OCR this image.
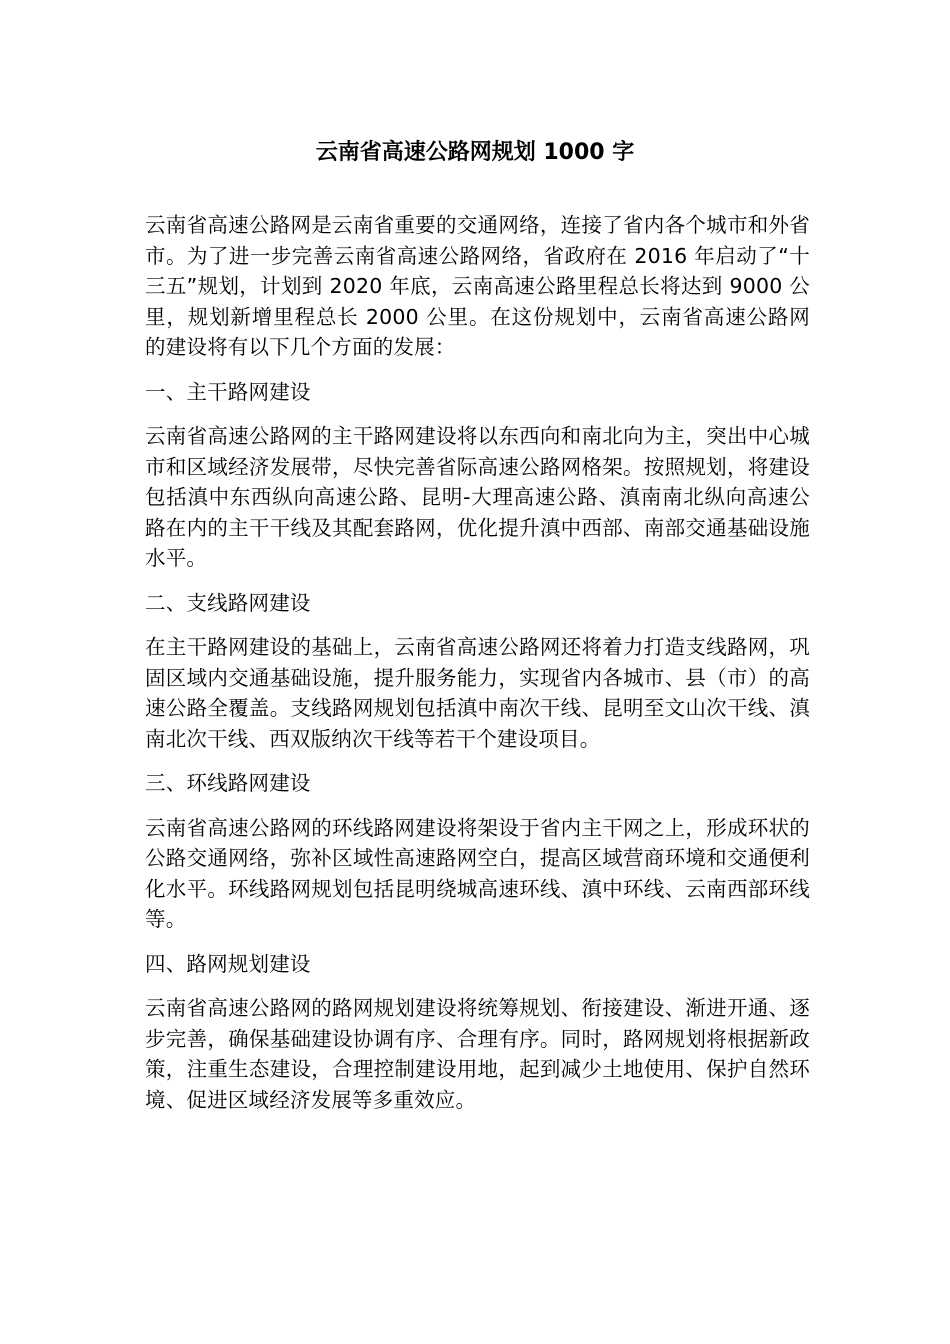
云南省高速公路网规划 1000 字

云南省高速公路网是云南省重要的交通网络，连接了省内各个城市和外省市。为了进一步完善云南省高速公路网络，省政府在 2016 年启动了“十三五”规划，计划到 2020 年底，云南高速公路里程总长将达到 9000 公里，规划新增里程总长 2000 公里。在这份规划中，云南省高速公路网的建设将有以下几个方面的发展：

一、主干路网建设

云南省高速公路网的主干路网建设将以东西向和南北向为主，突出中心城市和区域经济发展带，尽快完善省际高速公路网格架。按照规划，将建设包括滇中东西纵向高速公路、昆明-大理高速公路、滇南南北纵向高速公路在内的主干干线及其配套路网，优化提升滇中西部、南部交通基础设施水平。

二、支线路网建设

在主干路网建设的基础上，云南省高速公路网还将着力打造支线路网，巩固区域内交通基础设施，提升服务能力，实现省内各城市、县（市）的高速公路全覆盖。支线路网规划包括滇中南次干线、昆明至文山次干线、滇南北次干线、西双版纳次干线等若干个建设项目。

三、环线路网建设

云南省高速公路网的环线路网建设将架设于省内主干网之上，形成环状的公路交通网络，弥补区域性高速路网空白，提高区域营商环境和交通便利化水平。环线路网规划包括昆明绕城高速环线、滇中环线、云南西部环线等。

四、路网规划建设

云南省高速公路网的路网规划建设将统筹规划、衔接建设、渐进开通、逐步完善，确保基础建设协调有序、合理有序。同时，路网规划将根据新政策，注重生态建设，合理控制建设用地，起到减少土地使用、保护自然环境、促进区域经济发展等多重效应。
